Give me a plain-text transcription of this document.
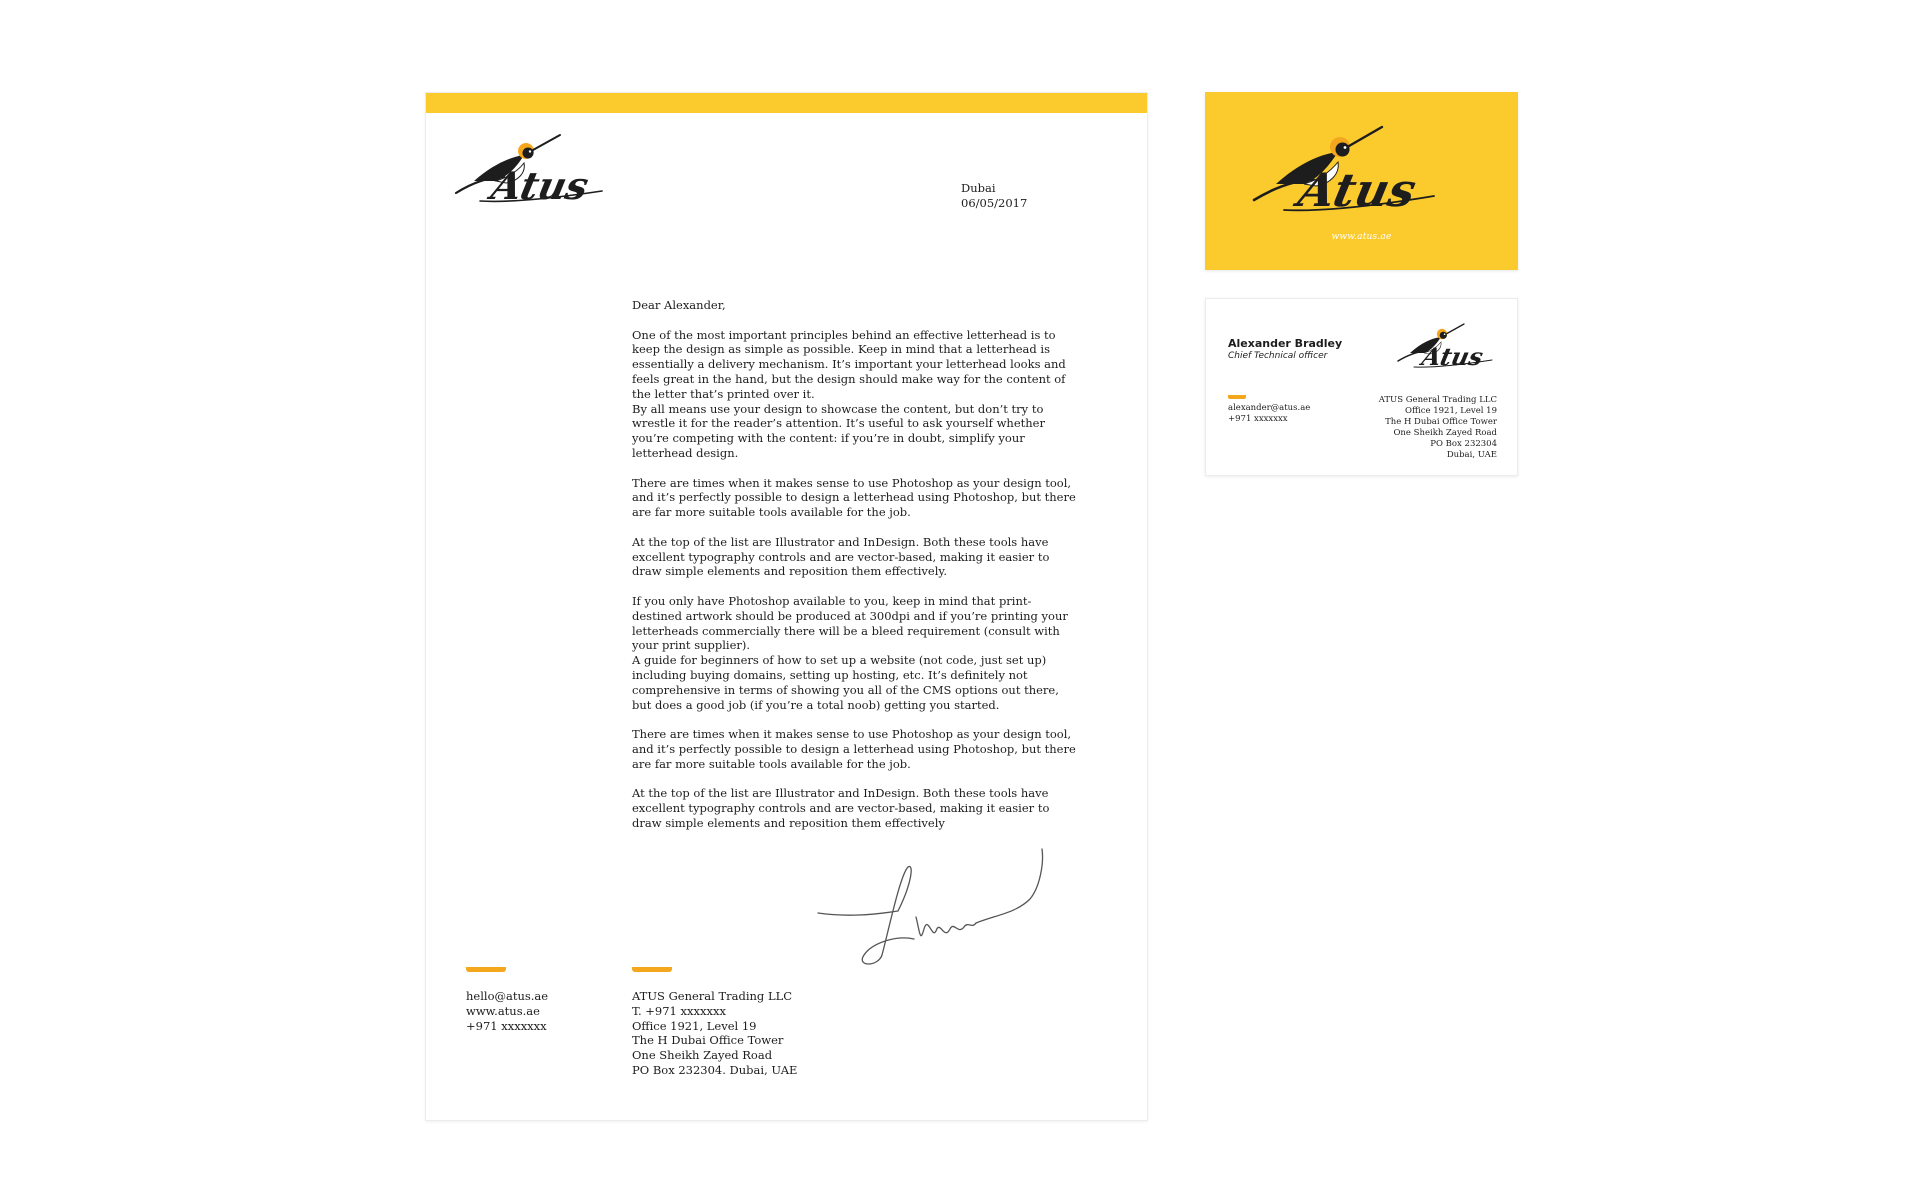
Atus	Dubai
06/05/2017
Dear Alexander,
One of the most important principles behind an effective letterhead is to keep the design as simple as possible. Keep in mind that a letterhead is essentially a delivery mechanism. It’s important your letterhead looks and feels great in the hand, but the design should make way for the content of the letter that’s printed over it.
By all means use your design to showcase the content, but don’t try to wrestle it for the reader’s attention. It’s useful to ask yourself whether you’re competing with the content: if you’re in doubt, simplify your letterhead design.
There are times when it makes sense to use Photoshop as your design tool, and it’s perfectly possible to design a letterhead using Photoshop, but there are far more suitable tools available for the job.
At the top of the list are Illustrator and InDesign. Both these tools have excellent typography controls and are vector-based, making it easier to draw simple elements and reposition them effectively.
If you only have Photoshop available to you, keep in mind that print-destined artwork should be produced at 300dpi and if you’re printing your letterheads commercially there will be a bleed requirement (consult with your print supplier).
A guide for beginners of how to set up a website (not code, just set up) including buying domains, setting up hosting, etc. It’s definitely not comprehensive in terms of showing you all of the CMS options out there, but does a good job (if you’re a total noob) getting you started.
There are times when it makes sense to use Photoshop as your design tool, and it’s perfectly possible to design a letterhead using Photoshop, but there are far more suitable tools available for the job.
At the top of the list are Illustrator and InDesign. Both these tools have excellent typography controls and are vector-based, making it easier to draw simple elements and reposition them effectively
hello@atus.ae
www.atus.ae
+971 xxxxxxx
ATUS General Trading LLC
T. +971 xxxxxxx
Office 1921, Level 19
The H Dubai Office Tower
One Sheikh Zayed Road
PO Box 232304. Dubai, UAE
Atus
www.atus.ae
Alexander Bradley
Chief Technical officer	Atus
alexander@atus.ae
+971 xxxxxxx
ATUS General Trading LLC
Office 1921, Level 19
The H Dubai Office Tower
One Sheikh Zayed Road
PO Box 232304
Dubai, UAE
